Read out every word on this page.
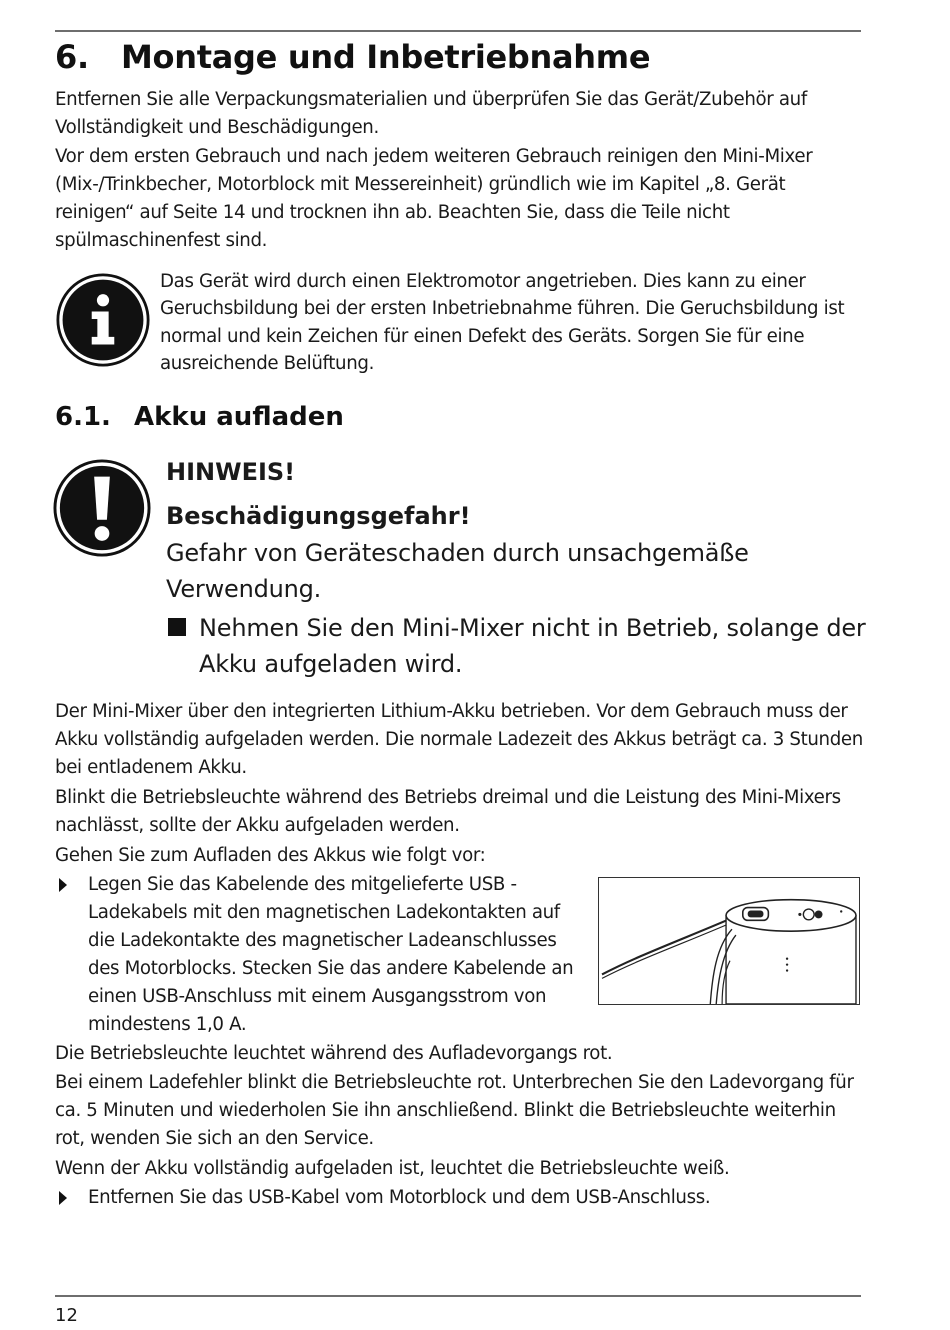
6. Montage und Inbetriebnahme

Entfernen Sie alle Verpackungsmaterialien und überprüfen Sie das Gerät/Zubehör auf Vollständigkeit und Beschädigungen.

Vor dem ersten Gebrauch und nach jedem weiteren Gebrauch reinigen den Mini-Mixer (Mix-/Trinkbecher, Motorblock mit Messereinheit) gründlich wie im Kapitel „8. Gerät reinigen“ auf Seite 14 und trocknen ihn ab. Beachten Sie, dass die Teile nicht spülmaschinenfest sind.

Das Gerät wird durch einen Elektromotor angetrieben. Dies kann zu einer Geruchsbildung bei der ersten Inbetriebnahme führen. Die Geruchsbildung ist normal und kein Zeichen für einen Defekt des Geräts. Sorgen Sie für eine ausreichende Belüftung.

6.1. Akku aufladen

HINWEIS!

Beschädigungsgefahr!

Gefahr von Geräteschaden durch unsachgemäße Verwendung.

Nehmen Sie den Mini-Mixer nicht in Betrieb, solange der Akku aufgeladen wird.

Der Mini-Mixer über den integrierten Lithium-Akku betrieben. Vor dem Gebrauch muss der Akku vollständig aufgeladen werden. Die normale Ladezeit des Akkus beträgt ca. 3 Stunden bei entladenem Akku.

Blinkt die Betriebsleuchte während des Betriebs dreimal und die Leistung des Mini-Mixers nachlässt, sollte der Akku aufgeladen werden.

Gehen Sie zum Aufladen des Akkus wie folgt vor:

Legen Sie das Kabelende des mitgelieferte USB -Ladekabels mit den magnetischen Ladekontakten auf die Ladekontakte des magnetischer Ladeanschlusses des Motorblocks. Stecken Sie das andere Kabelende an einen USB-Anschluss mit einem Ausgangsstrom von mindestens 1,0 A.

Die Betriebsleuchte leuchtet während des Aufladevorgangs rot.

Bei einem Ladefehler blinkt die Betriebsleuchte rot. Unterbrechen Sie den Ladevorgang für ca. 5 Minuten und wiederholen Sie ihn anschließend. Blinkt die Betriebsleuchte weiterhin rot, wenden Sie sich an den Service.

Wenn der Akku vollständig aufgeladen ist, leuchtet die Betriebsleuchte weiß.

Entfernen Sie das USB-Kabel vom Motorblock und dem USB-Anschluss.

12
